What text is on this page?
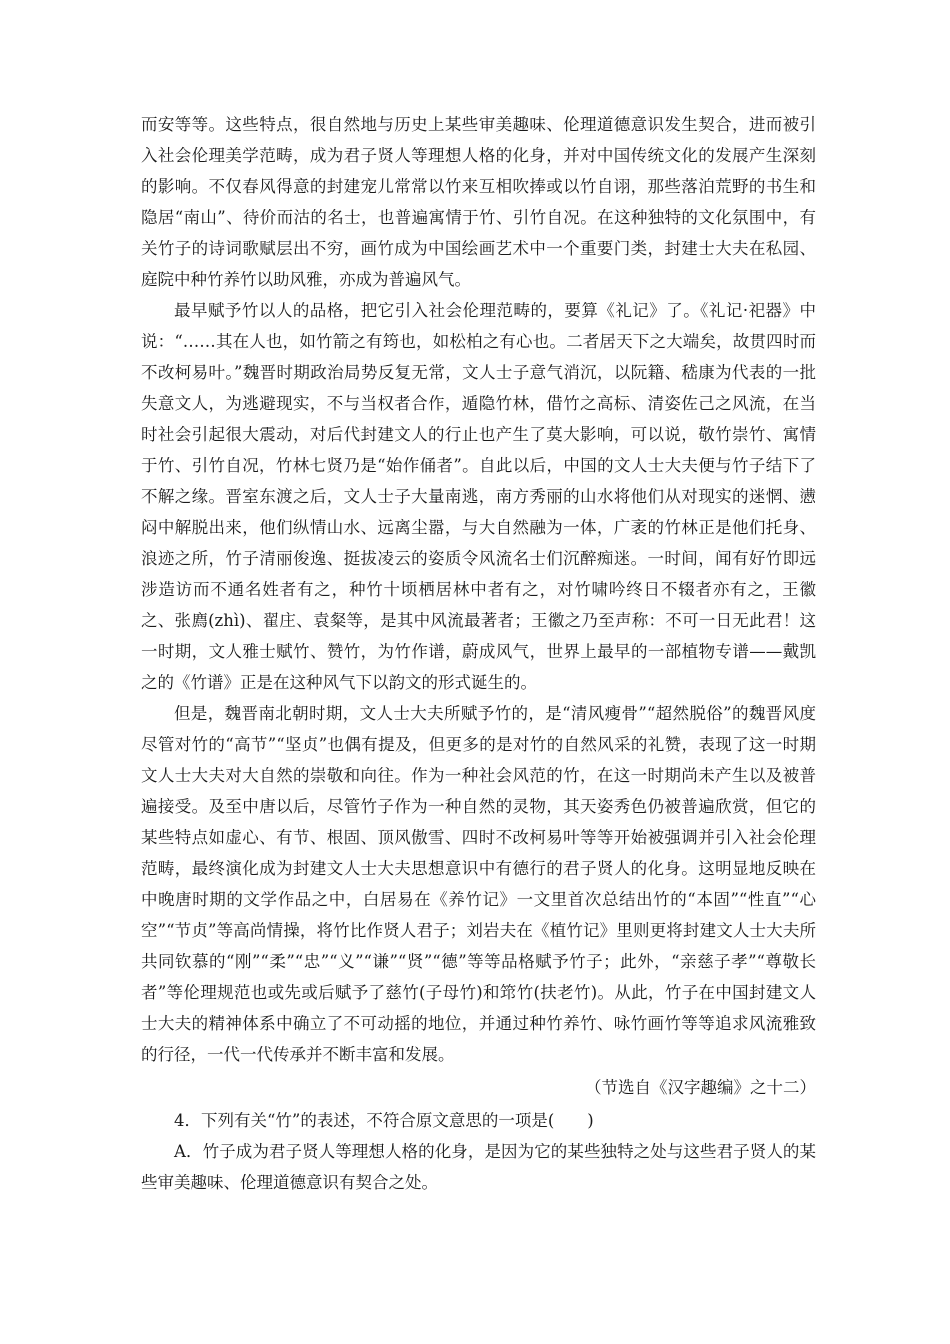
而安等等。这些特点，很自然地与历史上某些审美趣味、伦理道德意识发生契合，进而被引入社会伦理美学范畴，成为君子贤人等理想人格的化身，并对中国传统文化的发展产生深刻的影响。不仅春风得意的封建宠儿常常以竹来互相吹捧或以竹自诩，那些落泊荒野的书生和隐居“南山”、待价而沽的名士，也普遍寓情于竹、引竹自况。在这种独特的文化氛围中，有关竹子的诗词歌赋层出不穷，画竹成为中国绘画艺术中一个重要门类，封建士大夫在私园、庭院中种竹养竹以助风雅，亦成为普遍风气。

最早赋予竹以人的品格，把它引入社会伦理范畴的，要算《礼记》了。《礼记·祀器》中说：“……其在人也，如竹箭之有筠也，如松柏之有心也。二者居天下之大端矣，故贯四时而不改柯易叶。”魏晋时期政治局势反复无常，文人士子意气消沉，以阮籍、嵇康为代表的一批失意文人，为逃避现实，不与当权者合作，遁隐竹林，借竹之高标、清姿佐己之风流，在当时社会引起很大震动，对后代封建文人的行止也产生了莫大影响，可以说，敬竹崇竹、寓情于竹、引竹自况，竹林七贤乃是“始作俑者”。自此以后，中国的文人士大夫便与竹子结下了不解之缘。晋室东渡之后，文人士子大量南逃，南方秀丽的山水将他们从对现实的迷惘、懑闷中解脱出来，他们纵情山水、远离尘嚣，与大自然融为一体，广袤的竹林正是他们托身、浪迹之所，竹子清丽俊逸、挺拔凌云的姿质令风流名士们沉醉痴迷。一时间，闻有好竹即远涉造访而不通名姓者有之，种竹十顷栖居林中者有之，对竹啸吟终日不辍者亦有之，王徽之、张廌(zhì)、翟庄、袁粲等，是其中风流最著者；王徽之乃至声称：不可一日无此君！这一时期，文人雅士赋竹、赞竹，为竹作谱，蔚成风气，世界上最早的一部植物专谱——戴凯之的《竹谱》正是在这种风气下以韵文的形式诞生的。

但是，魏晋南北朝时期，文人士大夫所赋予竹的，是“清风瘦骨”“超然脱俗”的魏晋风度尽管对竹的“高节”“坚贞”也偶有提及，但更多的是对竹的自然风采的礼赞，表现了这一时期文人士大夫对大自然的崇敬和向往。作为一种社会风范的竹，在这一时期尚未产生以及被普遍接受。及至中唐以后，尽管竹子作为一种自然的灵物，其天姿秀色仍被普遍欣赏，但它的某些特点如虚心、有节、根固、顶风傲雪、四时不改柯易叶等等开始被强调并引入社会伦理范畴，最终演化成为封建文人士大夫思想意识中有德行的君子贤人的化身。这明显地反映在中晚唐时期的文学作品之中，白居易在《养竹记》一文里首次总结出竹的“本固”“性直”“心空”“节贞”等高尚情操，将竹比作贤人君子；刘岩夫在《植竹记》里则更将封建文人士大夫所共同钦慕的“刚”“柔”“忠”“义”“谦”“贤”“德”等等品格赋予竹子；此外，“亲慈子孝”“尊敬长者”等伦理规范也或先或后赋予了慈竹(子母竹)和筇竹(扶老竹)。从此，竹子在中国封建文人士大夫的精神体系中确立了不可动摇的地位，并通过种竹养竹、咏竹画竹等等追求风流雅致的行径，一代一代传承并不断丰富和发展。

（节选自《汉字趣编》之十二）

4．下列有关“竹”的表述，不符合原文意思的一项是(　　)

A．竹子成为君子贤人等理想人格的化身，是因为它的某些独特之处与这些君子贤人的某些审美趣味、伦理道德意识有契合之处。
